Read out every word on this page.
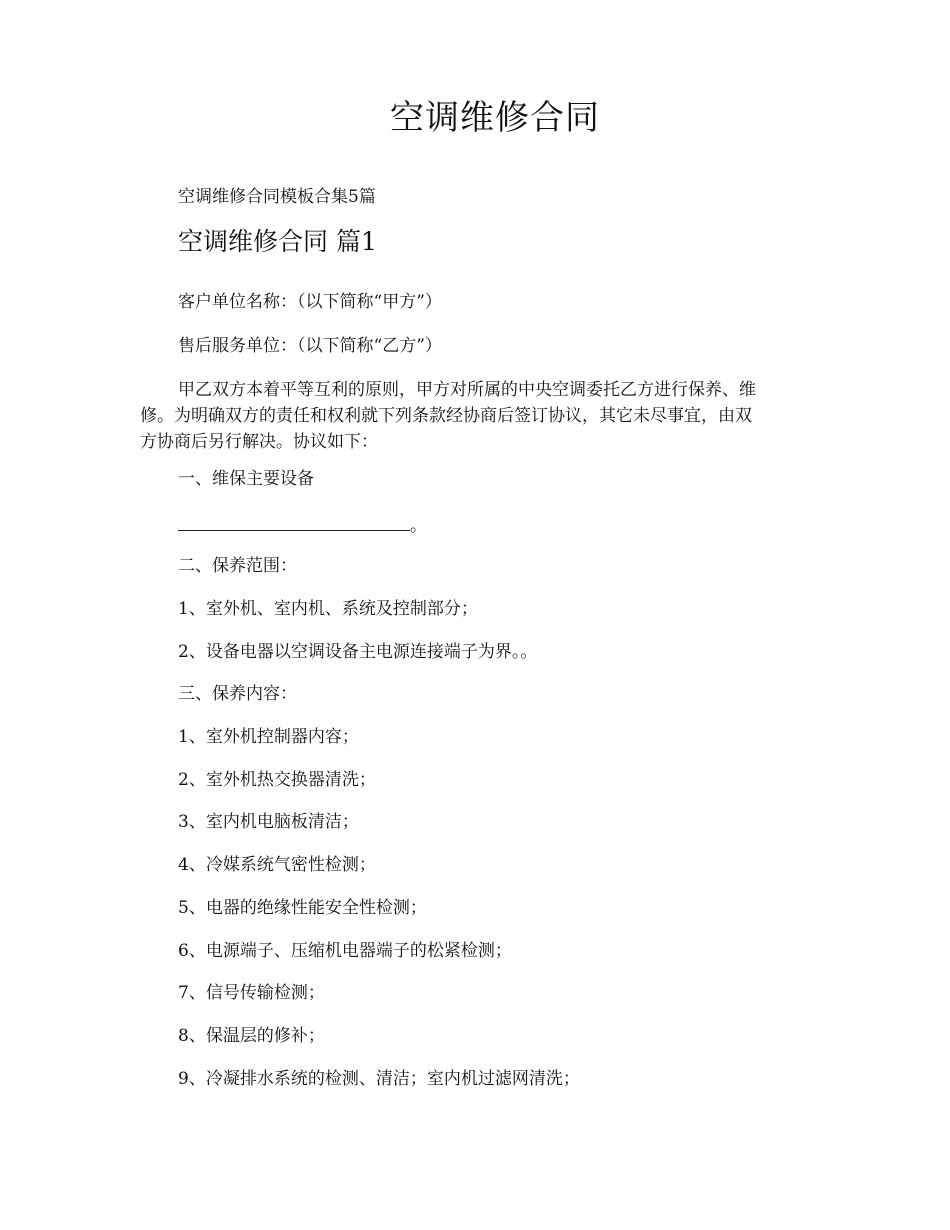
空调维修合同

空调维修合同模板合集5篇

空调维修合同 篇1

客户单位名称：（以下简称“甲方”）

售后服务单位：（以下简称“乙方”）

甲乙双方本着平等互利的原则，甲方对所属的中央空调委托乙方进行保养、维
修。为明确双方的责任和权利就下列条款经协商后签订协议，其它未尽事宜，由双
方协商后另行解决。协议如下：

一、维保主要设备

。

二、保养范围：

1、室外机、室内机、系统及控制部分；

2、设备电器以空调设备主电源连接端子为界。。

三、保养内容：

1、室外机控制器内容；

2、室外机热交换器清洗；

3、室内机电脑板清洁；

4、冷媒系统气密性检测；

5、电器的绝缘性能安全性检测；

6、电源端子、压缩机电器端子的松紧检测；

7、信号传输检测；

8、保温层的修补；

9、冷凝排水系统的检测、清洁；室内机过滤网清洗；
